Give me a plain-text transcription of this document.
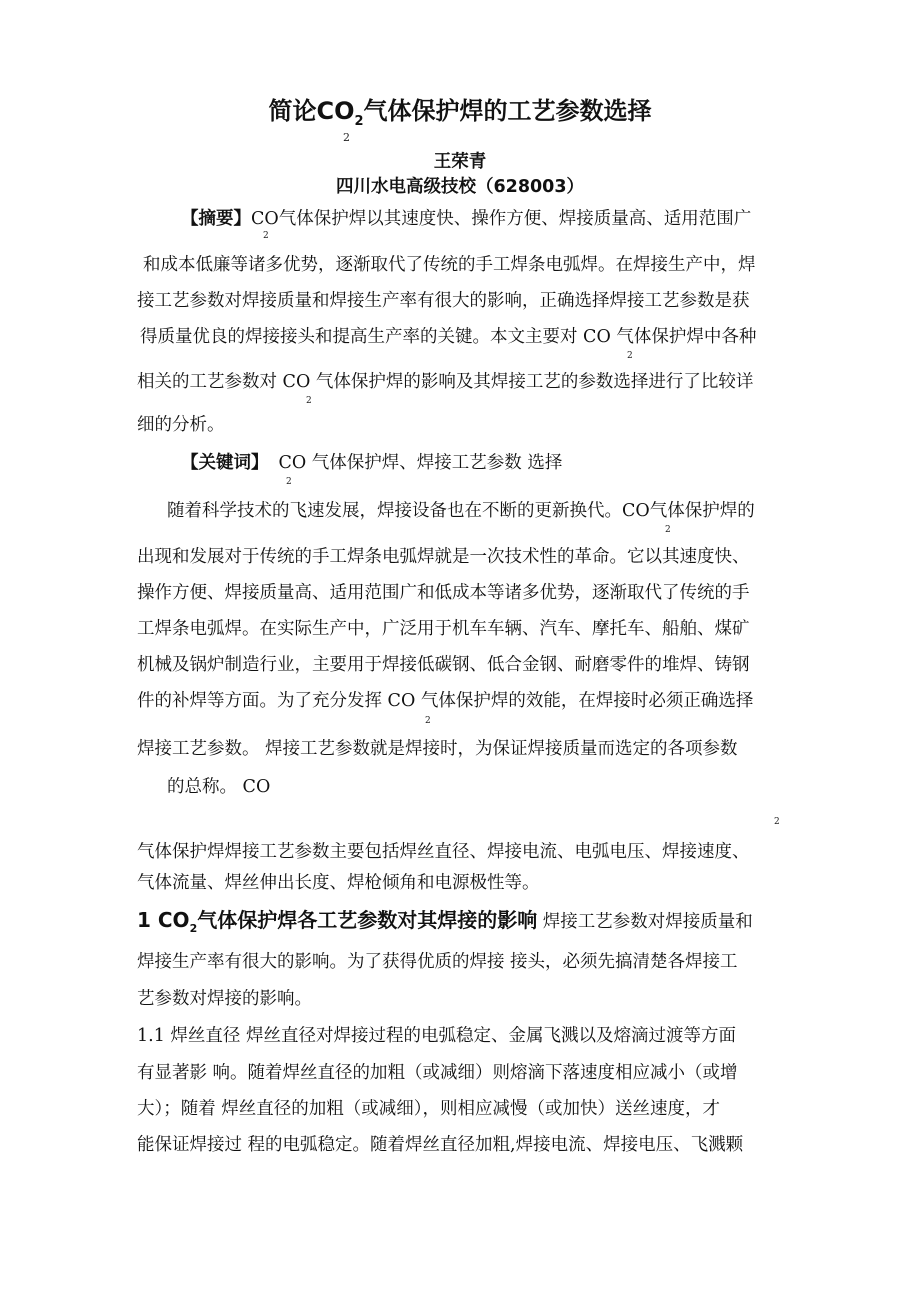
简论$CO_2$气体保护焊的工艺参数选择
2
王荣青
四川水电高级技校（628003）
【摘要】CO气体保护焊以其速度快、操作方便、焊接质量高、适用范围广
2
和成本低廉等诸多优势，逐渐取代了传统的手工焊条电弧焊。在焊接生产中，焊
接工艺参数对焊接质量和焊接生产率有很大的影响，正确选择焊接工艺参数是获
得质量优良的焊接接头和提高生产率的关键。本文主要对 CO 气体保护焊中各种
2
相关的工艺参数对 CO 气体保护焊的影响及其焊接工艺的参数选择进行了比较详
2
细的分析。
【关键词】 CO 气体保护焊、焊接工艺参数 选择
2
随着科学技术的飞速发展，焊接设备也在不断的更新换代。CO气体保护焊的
2
出现和发展对于传统的手工焊条电弧焊就是一次技术性的革命。它以其速度快、
操作方便、焊接质量高、适用范围广和低成本等诸多优势，逐渐取代了传统的手
工焊条电弧焊。在实际生产中，广泛用于机车车辆、汽车、摩托车、船舶、煤矿
机械及锅炉制造行业，主要用于焊接低碳钢、低合金钢、耐磨零件的堆焊、铸钢
件的补焊等方面。为了充分发挥 CO 气体保护焊的效能，在焊接时必须正确选择
2
焊接工艺参数。 焊接工艺参数就是焊接时，为保证焊接质量而选定的各项参数
的总称。 CO
2
气体保护焊焊接工艺参数主要包括焊丝直径、焊接电流、电弧电压、焊接速度、
气体流量、焊丝伸出长度、焊枪倾角和电源极性等。
1 $CO_2$气体保护焊各工艺参数对其焊接的影响 焊接工艺参数对焊接质量和
焊接生产率有很大的影响。为了获得优质的焊接 接头，必须先搞清楚各焊接工
艺参数对焊接的影响。
1.1 焊丝直径 焊丝直径对焊接过程的电弧稳定、金属飞溅以及熔滴过渡等方面
有显著影 响。随着焊丝直径的加粗（或减细）则熔滴下落速度相应减小（或增
大）；随着 焊丝直径的加粗（或减细），则相应减慢（或加快）送丝速度，才
能保证焊接过 程的电弧稳定。随着焊丝直径加粗,焊接电流、焊接电压、飞溅颗
